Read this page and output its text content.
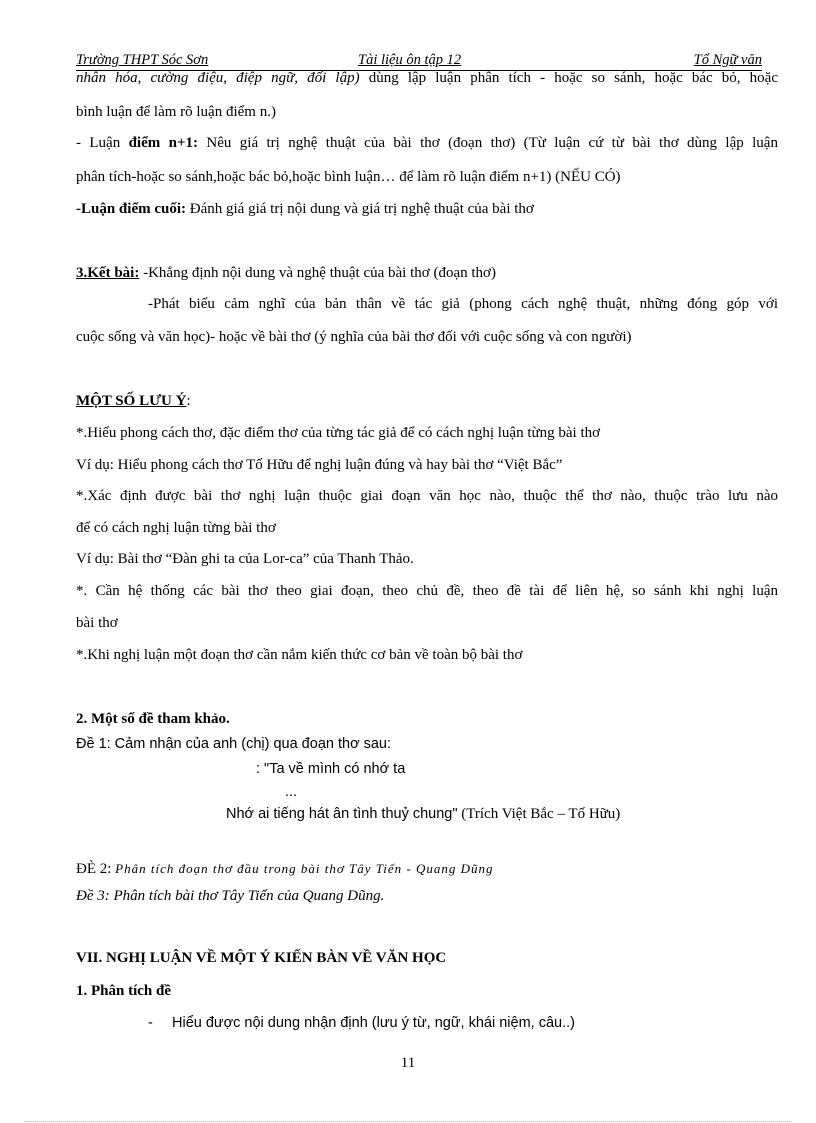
Trường THPT Sóc Sơn	Tài liệu ôn tập 12	Tổ Ngữ văn
nhân hóa, cường điệu, điệp ngữ, đối lập) dùng lập luận phân tích - hoặc so sánh, hoặc bác bỏ, hoặc
bình luận để làm rõ luận điểm n.)
- Luận điểm n+1: Nêu giá trị nghệ thuật của bài thơ (đoạn thơ) (Từ luận cứ từ bài thơ dùng lập luận
phân tích-hoặc so sánh,hoặc bác bỏ,hoặc bình luận… để làm rõ luận điểm n+1) (NẾU CÓ)
-Luận điểm cuối: Đánh giá giá trị nội dung và giá trị nghệ thuật của bài thơ
3.Kết bài: -Khẳng định nội dung và nghệ thuật của bài thơ (đoạn thơ)
-Phát biểu cảm nghĩ của bản thân về tác giả (phong cách nghệ thuật, những đóng góp với
cuộc sống và văn học)- hoặc về bài thơ (ý nghĩa của bài thơ đối với cuộc sống và con người)
MỘT SỐ LƯU Ý:
*.Hiểu phong cách thơ, đặc điểm thơ của từng tác giả để có cách nghị luận từng bài thơ
Ví dụ: Hiểu phong cách thơ Tố Hữu để nghị luận đúng và hay bài thơ “Việt Bắc”
*.Xác định được bài thơ nghị luận thuộc giai đoạn văn học nào, thuộc thể thơ nào, thuộc trào lưu nào
để có cách nghị luận từng bài thơ
Ví dụ: Bài thơ “Đàn ghi ta của Lor-ca” của Thanh Thảo.
*. Cần hệ thống các bài thơ theo giai đoạn, theo chủ đề, theo đề tài để liên hệ, so sánh khi nghị luận
bài thơ
*.Khi nghị luận một đoạn thơ cần nắm kiến thức cơ bản về toàn bộ bài thơ
2. Một số đề tham khảo.
Đề 1: Cảm nhận của anh (chị) qua đoạn thơ sau:
: "Ta về mình có nhớ ta
...
Nhớ ai tiếng hát ân tình thuỷ chung" (Trích Việt Bắc – Tố Hữu)
ĐÈ 2: Phân tích đoạn thơ đầu trong bài thơ Tây Tiến - Quang Dũng
Đề 3: Phân tích bài thơ Tây Tiến của Quang Dũng.
VII. NGHỊ LUẬN VỀ MỘT Ý KIẾN BÀN VỀ VĂN HỌC
1. Phân tích đề
- Hiểu được nội dung nhận định (lưu ý từ, ngữ, khái niệm, câu..)
11
